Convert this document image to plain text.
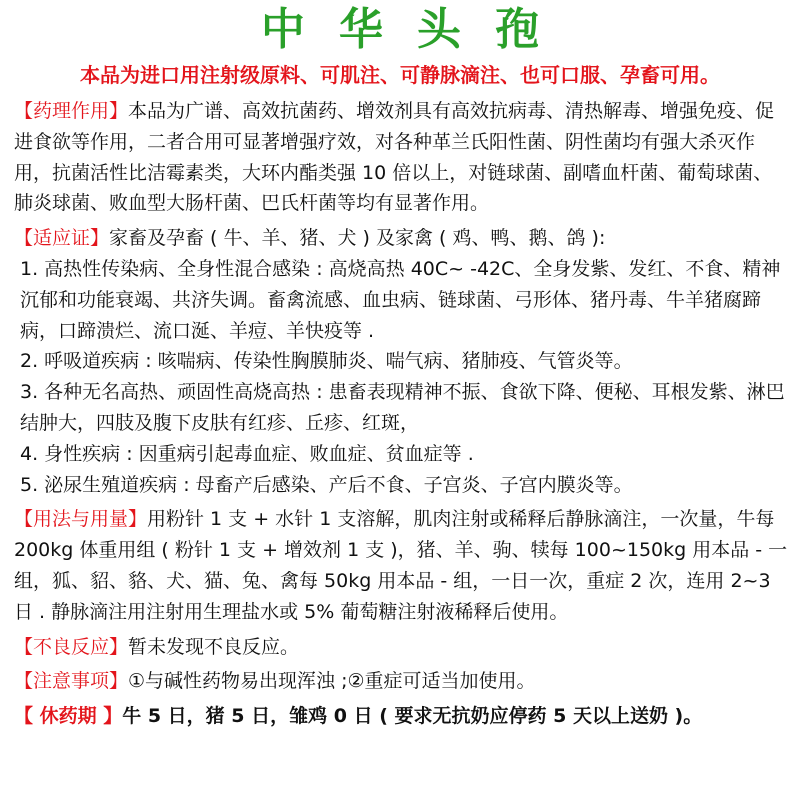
中华头孢
本品为进口用注射级原料、可肌注、可静脉滴注、也可口服、孕畜可用。

【药理作用】本品为广谱、高效抗菌药、增效剂具有高效抗病毒、清热解毒、增强免疫、促进食欲等作用，二者合用可显著增强疗效，对各种革兰氏阳性菌、阴性菌均有强大杀灭作用，抗菌活性比洁霉素类，大环内酯类强 10 倍以上，对链球菌、副嗜血杆菌、葡萄球菌、肺炎球菌、败血型大肠杆菌、巴氏杆菌等均有显著作用。

【适应证】家畜及孕畜 ( 牛、羊、猪、犬 ) 及家禽 ( 鸡、鸭、鹅、鸽 ):

1. 高热性传染病、全身性混合感染 : 高烧高热 40C~ -42C、全身发紫、发红、不食、精神沉郁和功能衰竭、共济失调。畜禽流感、血虫病、链球菌、弓形体、猪丹毒、牛羊猪腐蹄病，口蹄溃烂、流口涎、羊痘、羊快疫等 .

2. 呼吸道疾病 : 咳喘病、传染性胸膜肺炎、喘气病、猪肺疫、气管炎等。

3. 各种无名高热、顽固性高烧高热 : 患畜表现精神不振、食欲下降、便秘、耳根发紫、淋巴结肿大，四肢及腹下皮肤有红疹、丘疹、红斑，

4. 身性疾病 : 因重病引起毒血症、败血症、贫血症等 .

5. 泌尿生殖道疾病 : 母畜产后感染、产后不食、子宫炎、子宫内膜炎等。

【用法与用量】用粉针 1 支 + 水针 1 支溶解，肌肉注射或稀释后静脉滴注，一次量，牛每 200kg 体重用组 ( 粉针 1 支 + 增效剂 1 支 )，猪、羊、驹、犊每 100~150kg 用本品 - 一组，狐、貂、貉、犬、猫、兔、禽每 50kg 用本品 - 组，一日一次，重症 2 次，连用 2~3 日 . 静脉滴注用注射用生理盐水或 5% 葡萄糖注射液稀释后使用。

【不良反应】暂未发现不良反应。

【注意事项】①与碱性药物易出现浑浊 ;②重症可适当加使用。

【 休药期 】牛 5 日，猪 5 日，雏鸡 0 日 ( 要求无抗奶应停药 5 天以上送奶 )。
